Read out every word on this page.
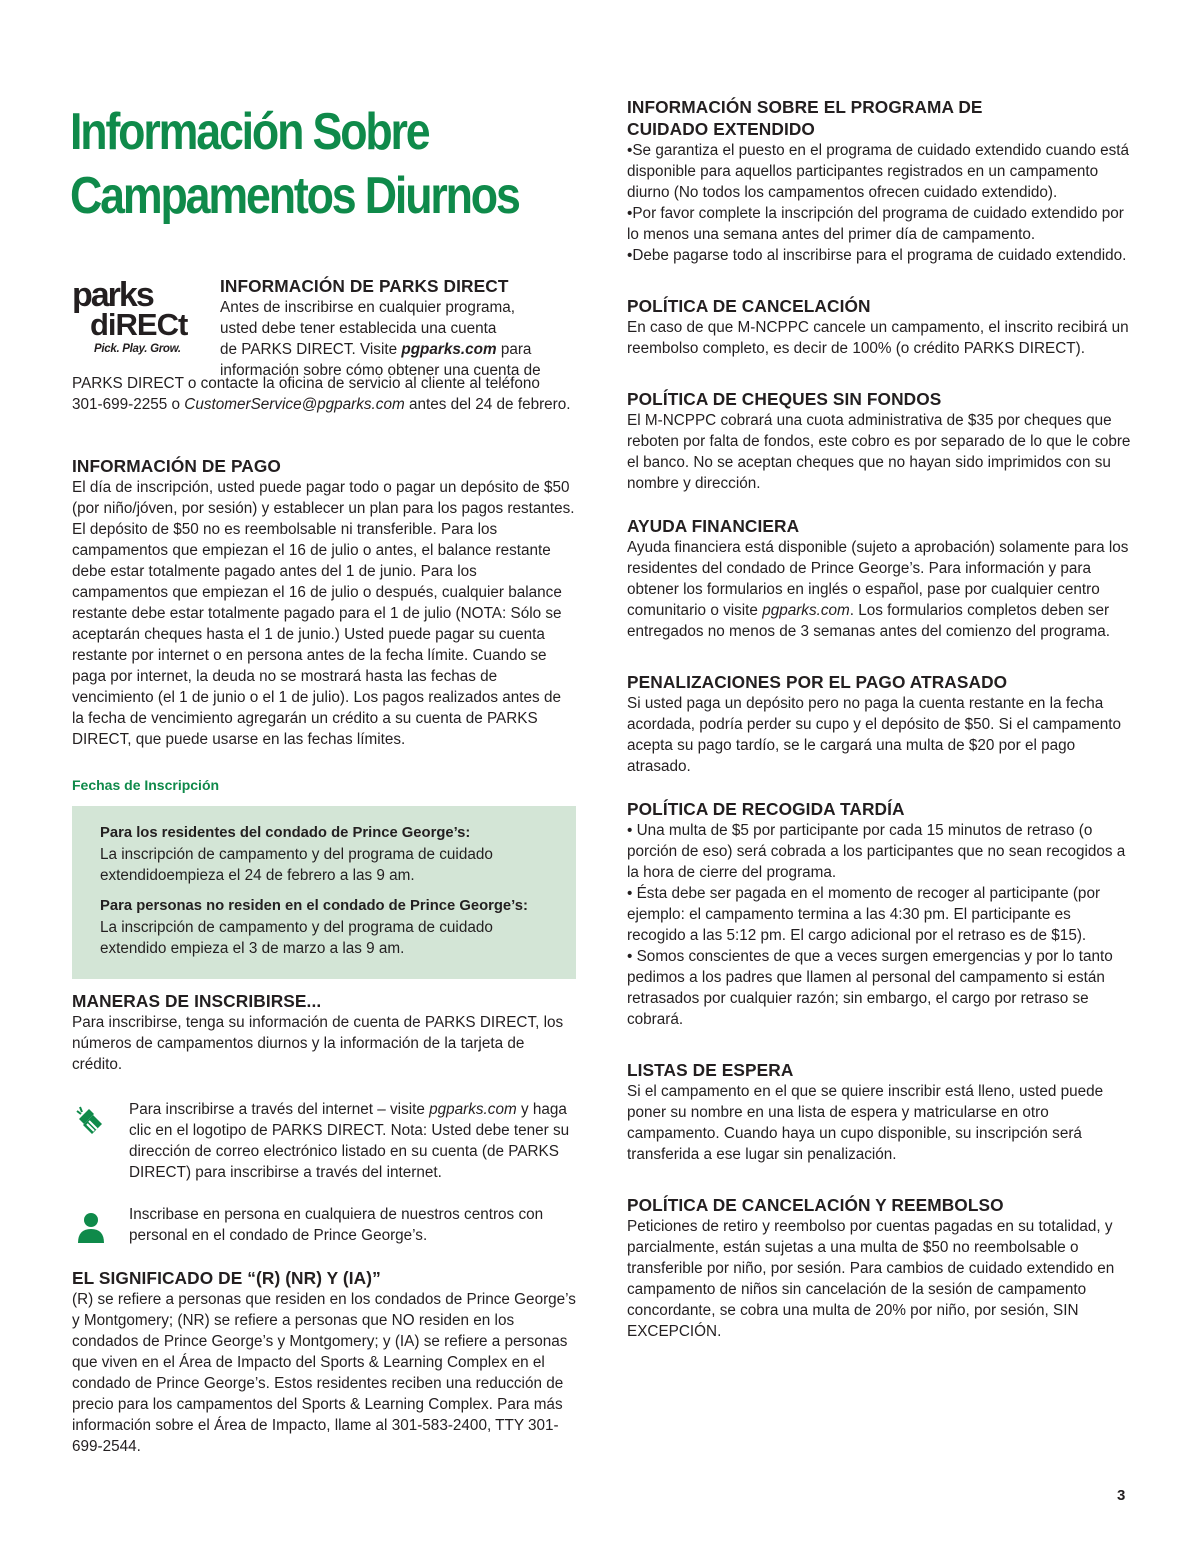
Información Sobre
Campamentos Diurnos
parks
diRECt
Pick. Play. Grow.
INFORMACIÓN DE PARKS DIRECT

Antes de inscribirse en cualquier programa,

usted debe tener establecida una cuenta

de PARKS DIRECT. Visite pgparks.com para

información sobre cómo obtener una cuenta de

PARKS DIRECT o contacte la oficina de servicio al cliente al teléfono

301-699-2255 o CustomerService@pgparks.com antes del 24 de febrero.

INFORMACIÓN DE PAGO

El día de inscripción, usted puede pagar todo o pagar un depósito de $50 (por niño/jóven, por sesión) y establecer un plan para los pagos restantes. El depósito de $50 no es reembolsable ni transferible. Para los campamentos que empiezan el 16 de julio o antes, el balance restante debe estar totalmente pagado antes del 1 de junio. Para los campamentos que empiezan el 16 de julio o después, cualquier balance restante debe estar totalmente pagado para el 1 de julio (NOTA: Sólo se aceptarán cheques hasta el 1 de junio.) Usted puede pagar su cuenta restante por internet o en persona antes de la fecha límite. Cuando se paga por internet, la deuda no se mostrará hasta las fechas de vencimiento (el 1 de junio o el 1 de julio). Los pagos realizados antes de la fecha de vencimiento agregarán un crédito a su cuenta de PARKS DIRECT, que puede usarse en las fechas límites.

Fechas de Inscripción

Para los residentes del condado de Prince George’s:

La inscripción de campamento y del programa de cuidado extendidoempieza el 24 de febrero a las 9 am.

Para personas no residen en el condado de Prince George’s:

La inscripción de campamento y del programa de cuidado extendido empieza el 3 de marzo a las 9 am.

MANERAS DE INSCRIBIRSE...

Para inscribirse, tenga su información de cuenta de PARKS DIRECT, los números de campamentos diurnos y la información de la tarjeta de crédito.

Para inscribirse a través del internet – visite pgparks.com y haga clic en el logotipo de PARKS DIRECT. Nota: Usted debe tener su dirección de correo electrónico listado en su cuenta (de PARKS DIRECT) para inscribirse a través del internet.

Inscribase en persona en cualquiera de nuestros centros con personal en el condado de Prince George’s.

EL SIGNIFICADO DE “(R) (NR) Y (IA)”

(R) se refiere a personas que residen en los condados de Prince George’s y Montgomery; (NR) se refiere a personas que NO residen en los condados de Prince George’s y Montgomery; y (IA) se refiere a personas que viven en el Área de Impacto del Sports & Learning Complex en el condado de Prince George’s. Estos residentes reciben una reducción de precio para los campamentos del Sports & Learning Complex. Para más información sobre el Área de Impacto, llame al 301-583-2400, TTY 301-699-2544.

INFORMACIÓN SOBRE EL PROGRAMA DE
CUIDADO EXTENDIDO

•Se garantiza el puesto en el programa de cuidado extendido cuando está disponible para aquellos participantes registrados en un campamento diurno (No todos los campamentos ofrecen cuidado extendido).

•Por favor complete la inscripción del programa de cuidado extendido por lo menos una semana antes del primer día de campamento.

•Debe pagarse todo al inscribirse para el programa de cuidado extendido.

POLÍTICA DE CANCELACIÓN

En caso de que M-NCPPC cancele un campamento, el inscrito recibirá un reembolso completo, es decir de 100% (o crédito PARKS DIRECT).

POLÍTICA DE CHEQUES SIN FONDOS

El M-NCPPC cobrará una cuota administrativa de $35 por cheques que reboten por falta de fondos, este cobro es por separado de lo que le cobre el banco. No se aceptan cheques que no hayan sido imprimidos con su nombre y dirección.

AYUDA FINANCIERA

Ayuda financiera está disponible (sujeto a aprobación) solamente para los residentes del condado de Prince George’s. Para información y para obtener los formularios en inglés o español, pase por cualquier centro comunitario o visite pgparks.com. Los formularios completos deben ser entregados no menos de 3 semanas antes del comienzo del programa.

PENALIZACIONES POR EL PAGO ATRASADO

Si usted paga un depósito pero no paga la cuenta restante en la fecha acordada, podría perder su cupo y el depósito de $50. Si el campamento acepta su pago tardío, se le cargará una multa de $20 por el pago atrasado.

POLÍTICA DE RECOGIDA TARDÍA

• Una multa de $5 por participante por cada 15 minutos de retraso (o porción de eso) será cobrada a los participantes que no sean recogidos a la hora de cierre del programa.

• Ésta debe ser pagada en el momento de recoger al participante (por ejemplo: el campamento termina a las 4:30 pm. El participante es recogido a las 5:12 pm. El cargo adicional por el retraso es de $15).

• Somos conscientes de que a veces surgen emergencias y por lo tanto pedimos a los padres que llamen al personal del campamento si están retrasados por cualquier razón; sin embargo, el cargo por retraso se cobrará.

LISTAS DE ESPERA

Si el campamento en el que se quiere inscribir está lleno, usted puede poner su nombre en una lista de espera y matricularse en otro campamento. Cuando haya un cupo disponible, su inscripción será transferida a ese lugar sin penalización.

POLÍTICA DE CANCELACIÓN Y REEMBOLSO

Peticiones de retiro y reembolso por cuentas pagadas en su totalidad, y parcialmente, están sujetas a una multa de $50 no reembolsable o transferible por niño, por sesión. Para cambios de cuidado extendido en campamento de niños sin cancelación de la sesión de campamento concordante, se cobra una multa de 20% por niño, por sesión, SIN EXCEPCIÓN.

3
